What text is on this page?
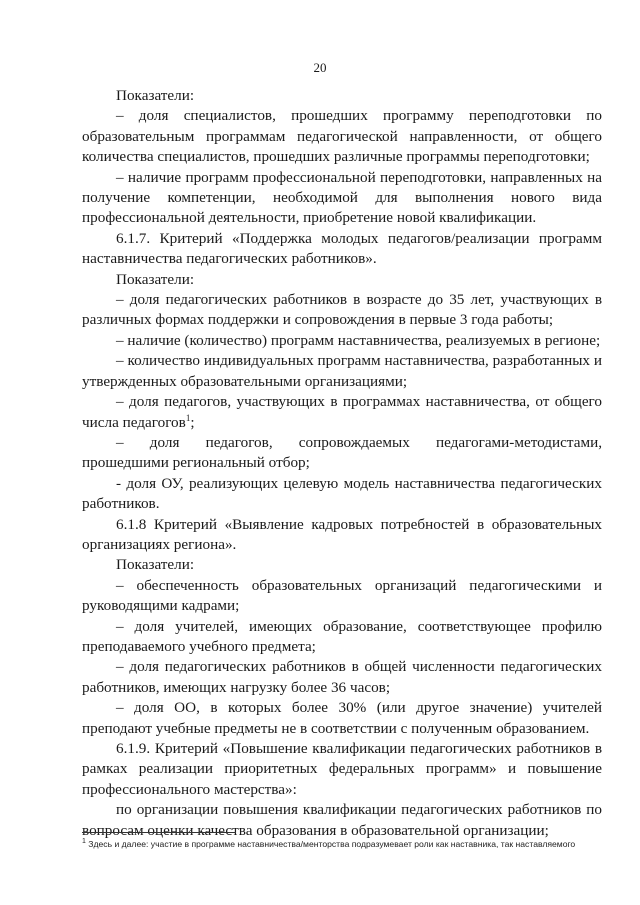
20

Показатели:

– доля специалистов, прошедших программу переподготовки по образовательным программам педагогической направленности, от общего количества специалистов, прошедших различные программы переподготовки;

– наличие программ профессиональной переподготовки, направленных на получение компетенции, необходимой для выполнения нового вида профессиональной деятельности, приобретение новой квалификации.

6.1.7. Критерий «Поддержка молодых педагогов/реализации программ наставничества педагогических работников».

Показатели:

– доля педагогических работников в возрасте до 35 лет, участвующих в различных формах поддержки и сопровождения в первые 3 года работы;

– наличие (количество) программ наставничества, реализуемых в регионе;

– количество индивидуальных программ наставничества, разработанных и утвержденных образовательными организациями;

– доля педагогов, участвующих в программах наставничества, от общего числа педагогов$^1$;

– доля педагогов, сопровождаемых педагогами-методистами, прошедшими региональный отбор;

- доля ОУ, реализующих целевую модель наставничества педагогических работников.

6.1.8 Критерий «Выявление кадровых потребностей в образовательных организациях региона».

Показатели:

– обеспеченность образовательных организаций педагогическими и руководящими кадрами;

– доля учителей, имеющих образование, соответствующее профилю преподаваемого учебного предмета;

– доля педагогических работников в общей численности педагогических работников, имеющих нагрузку более 36 часов;

– доля ОО, в которых более 30% (или другое значение) учителей преподают учебные предметы не в соответствии с полученным образованием.

6.1.9. Критерий «Повышение квалификации педагогических работников в рамках реализации приоритетных федеральных программ» и повышение профессионального мастерства»:

по организации повышения квалификации педагогических работников по вопросам оценки качества образования в образовательной организации;

$^1$ Здесь и далее: участие в программе наставничества/менторства подразумевает роли как наставника, так наставляемого
